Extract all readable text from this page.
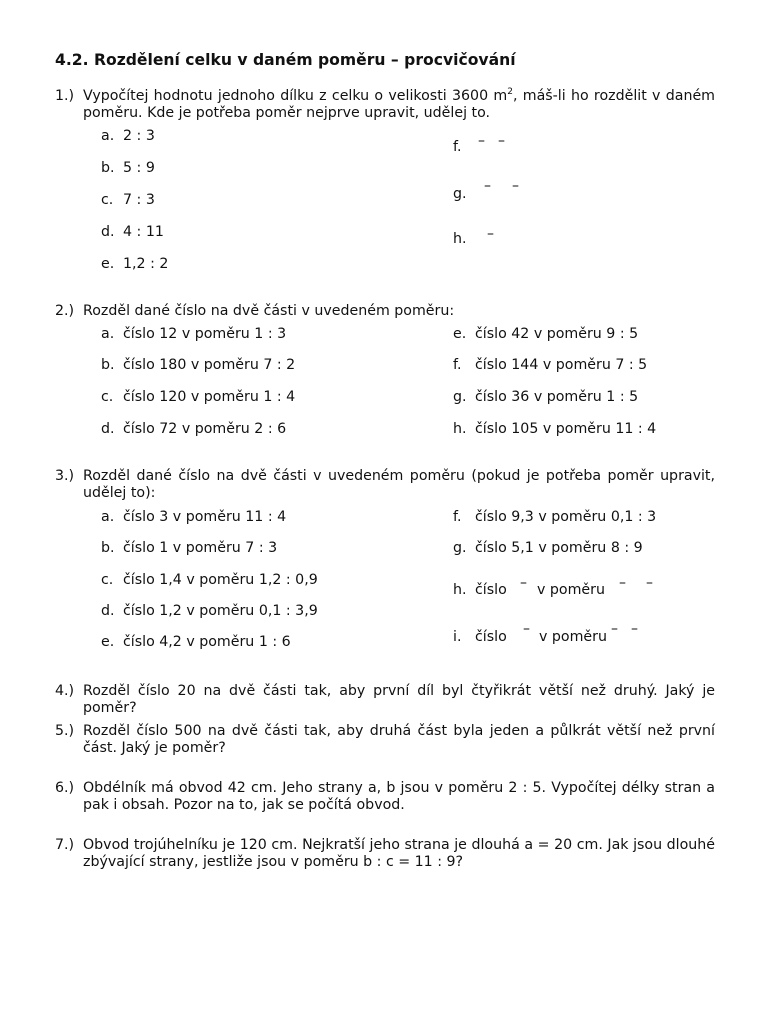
4.2. Rozdělení celku v daném poměru – procvičování
1.) Vypočítej hodnotu jednoho dílku z celku o velikosti 3600 $m^2$, máš-li ho rozdělit v daném poměru. Kde je potřeba poměr nejprve upravit, udělej to.
a. 2 : 3
b. 5 : 9
c. 7 : 3
d. 4 : 11
e. 1,2 : 2
f.	– –
g.	– –
h.	–
2.) Rozděl dané číslo na dvě části v uvedeném poměru:
a. číslo 12 v poměru 1 : 3
b. číslo 180 v poměru 7 : 2
c. číslo 120 v poměru 1 : 4
d. číslo 72 v poměru 2 : 6
e. číslo 42 v poměru 9 : 5
f. číslo 144 v poměru 7 : 5
g. číslo 36 v poměru 1 : 5
h. číslo 105 v poměru 11 : 4
3.) Rozděl dané číslo na dvě části v uvedeném poměru (pokud je potřeba poměr upravit, udělej to):
a. číslo 3 v poměru 11 : 4
b. číslo 1 v poměru 7 : 3
c. číslo 1,4 v poměru 1,2 : 0,9
d. číslo 1,2 v poměru 0,1 : 3,9
e. číslo 4,2 v poměru 1 : 6
f. číslo 9,3 v poměru 0,1 : 3
g. číslo 5,1 v poměru 8 : 9
h. číslo – v poměru – –
i. číslo – v poměru – –
4.) Rozděl číslo 20 na dvě části tak, aby první díl byl čtyřikrát větší než druhý. Jaký je poměr?
5.) Rozděl číslo 500 na dvě části tak, aby druhá část byla jeden a půlkrát větší než první část. Jaký je poměr?
6.) Obdélník má obvod 42 cm. Jeho strany a, b jsou v poměru 2 : 5. Vypočítej délky stran a pak i obsah. Pozor na to, jak se počítá obvod.
7.) Obvod trojúhelníku je 120 cm. Nejkratší jeho strana je dlouhá a = 20 cm. Jak jsou dlouhé zbývající strany, jestliže jsou v poměru b : c = 11 : 9?
